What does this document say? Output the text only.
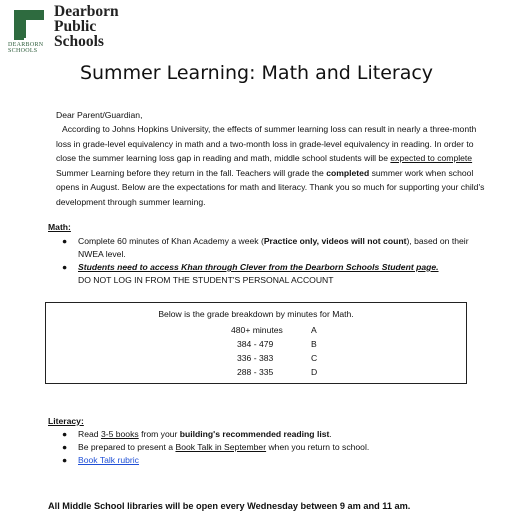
DEARBORN
SCHOOLS
Dearborn
Public
Schools
Summer Learning: Math and Literacy
Dear Parent/Guardian,
According to Johns Hopkins University, the effects of summer learning loss can result in nearly a three-month loss in grade-level equivalency in math and a two-month loss in grade-level equivalency in reading. In order to close the summer learning loss gap in reading and math, middle school students will be expected to complete Summer Learning before they return in the fall. Teachers will grade the completed summer work when school opens in August. Below are the expectations for math and literacy. Thank you so much for supporting your child's development through summer learning.
Math:
● Complete 60 minutes of Khan Academy a week (Practice only, videos will not count), based on their NWEA level.
● Students need to access Khan through Clever from the Dearborn Schools Student page.
DO NOT LOG IN FROM THE STUDENT'S PERSONAL ACCOUNT
Below is the grade breakdown by minutes for Math.
480+ minutes	A
384 - 479	B
336 - 383	C
288 - 335	D
Literacy:
● Read 3-5 books from your building's recommended reading list.
● Be prepared to present a Book Talk in September when you return to school.
● Book Talk rubric
All Middle School libraries will be open every Wednesday between 9 am and 11 am.
